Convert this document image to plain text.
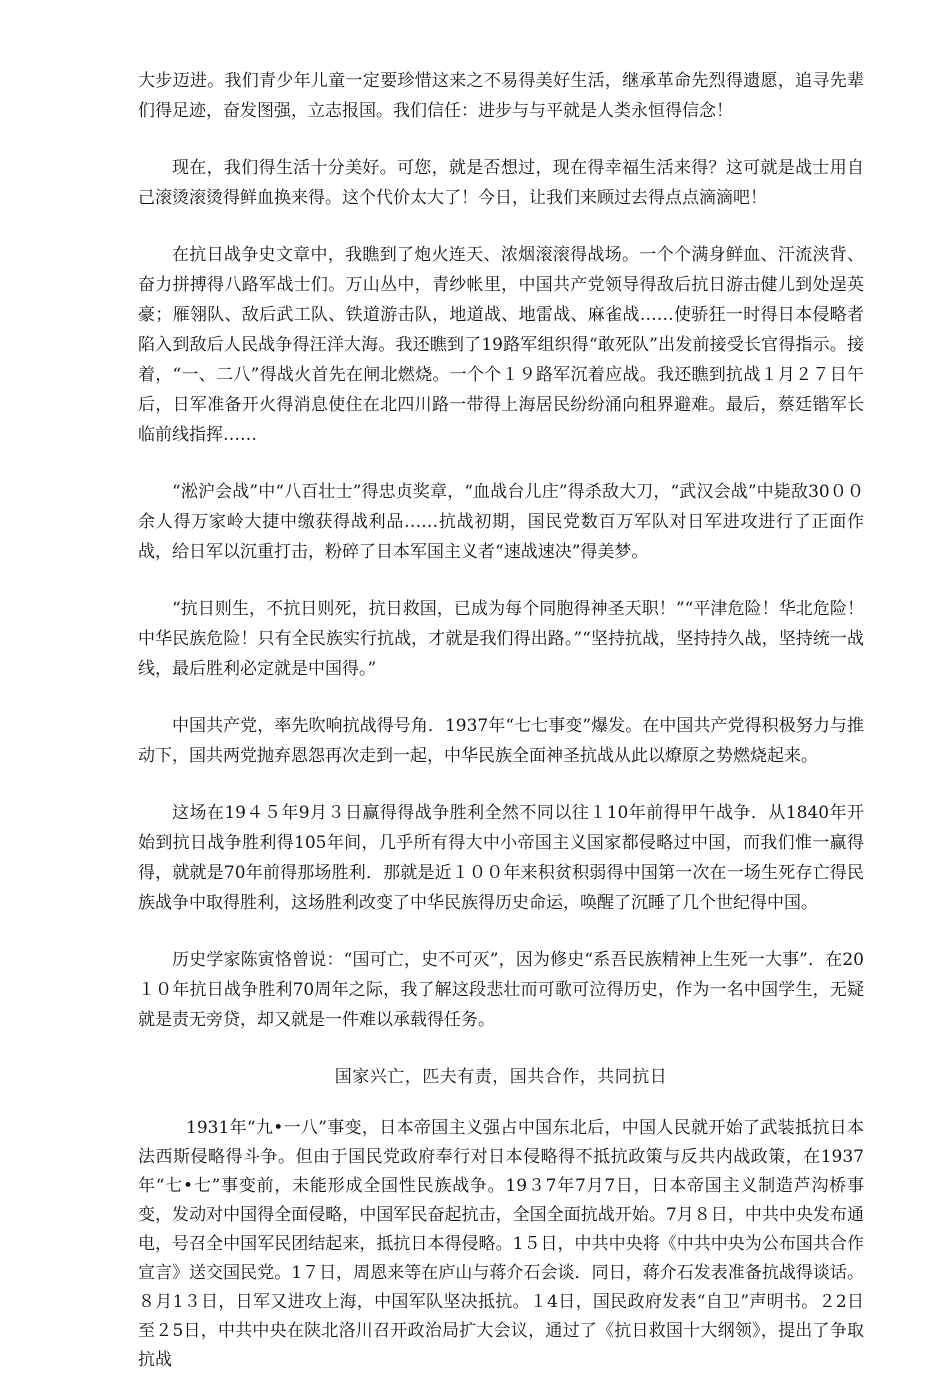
大步迈进。我们青少年儿童一定要珍惜这来之不易得美好生活，继承革命先烈得遗愿，追寻先辈们得足迹，奋发图强，立志报国。我们信任：进步与与平就是人类永恒得信念！

现在，我们得生活十分美好。可您，就是否想过，现在得幸福生活来得？这可就是战士用自己滚烫滚烫得鲜血换来得。这个代价太大了！今日，让我们来顾过去得点点滴滴吧！

在抗日战争史文章中，我瞧到了炮火连天、浓烟滚滚得战场。一个个满身鲜血、汗流浃背、奋力拼搏得八路军战士们。万山丛中，青纱帐里，中国共产党领导得敌后抗日游击健儿到处逞英豪；雁翎队、敌后武工队、铁道游击队，地道战、地雷战、麻雀战……使骄狂一时得日本侵略者陷入到敌后人民战争得汪洋大海。我还瞧到了19路军组织得“敢死队”出发前接受长官得指示。接着，“一、二八”得战火首先在闸北燃烧。一个个１９路军沉着应战。我还瞧到抗战１月２７日午后，日军准备开火得消息使住在北四川路一带得上海居民纷纷涌向租界避难。最后，蔡廷锴军长临前线指挥……

“淞沪会战”中“八百壮士”得忠贞奖章，“血战台儿庄”得杀敌大刀，“武汉会战”中毙敌30００余人得万家岭大捷中缴获得战利品……抗战初期，国民党数百万军队对日军进攻进行了正面作战，给日军以沉重打击，粉碎了日本军国主义者“速战速决”得美梦。

“抗日则生，不抗日则死，抗日救国，已成为每个同胞得神圣天职！”“平津危险！华北危险！中华民族危险！只有全民族实行抗战，才就是我们得出路。”“坚持抗战，坚持持久战，坚持统一战线，最后胜利必定就是中国得。”

中国共产党，率先吹响抗战得号角．1937年“七七事变”爆发。在中国共产党得积极努力与推动下，国共两党抛弃恩怨再次走到一起，中华民族全面神圣抗战从此以燎原之势燃烧起来。

这场在19４５年9月３日赢得得战争胜利全然不同以往１10年前得甲午战争．从1840年开始到抗日战争胜利得105年间，几乎所有得大中小帝国主义国家都侵略过中国，而我们惟一赢得得，就就是70年前得那场胜利．那就是近１００年来积贫积弱得中国第一次在一场生死存亡得民族战争中取得胜利，这场胜利改变了中华民族得历史命运，唤醒了沉睡了几个世纪得中国。

历史学家陈寅恪曾说：“国可亡，史不可灭”，因为修史“系吾民族精神上生死一大事”．在20１０年抗日战争胜利70周年之际，我了解这段悲壮而可歌可泣得历史，作为一名中国学生，无疑就是责无旁贷，却又就是一件难以承载得任务。

国家兴亡，匹夫有责，国共合作，共同抗日

1931年“九•一八”事变，日本帝国主义强占中国东北后，中国人民就开始了武装抵抗日本法西斯侵略得斗争。但由于国民党政府奉行对日本侵略得不抵抗政策与反共内战政策，在1937年“七•七”事变前，未能形成全国性民族战争。19３7年7月7日，日本帝国主义制造芦沟桥事变，发动对中国得全面侵略，中国军民奋起抗击，全国全面抗战开始。7月８日，中共中央发布通电，号召全中国军民团结起来，抵抗日本得侵略。1５日，中共中央将《中共中央为公布国共合作宣言》送交国民党。1７日，周恩来等在庐山与蒋介石会谈．同日，蒋介石发表准备抗战得谈话。８月1３日，日军又进攻上海，中国军队坚决抵抗。１4日，国民政府发表“自卫”声明书。２2日至２5日，中共中央在陕北洛川召开政治局扩大会议，通过了《抗日救国十大纲领》，提出了争取抗战
